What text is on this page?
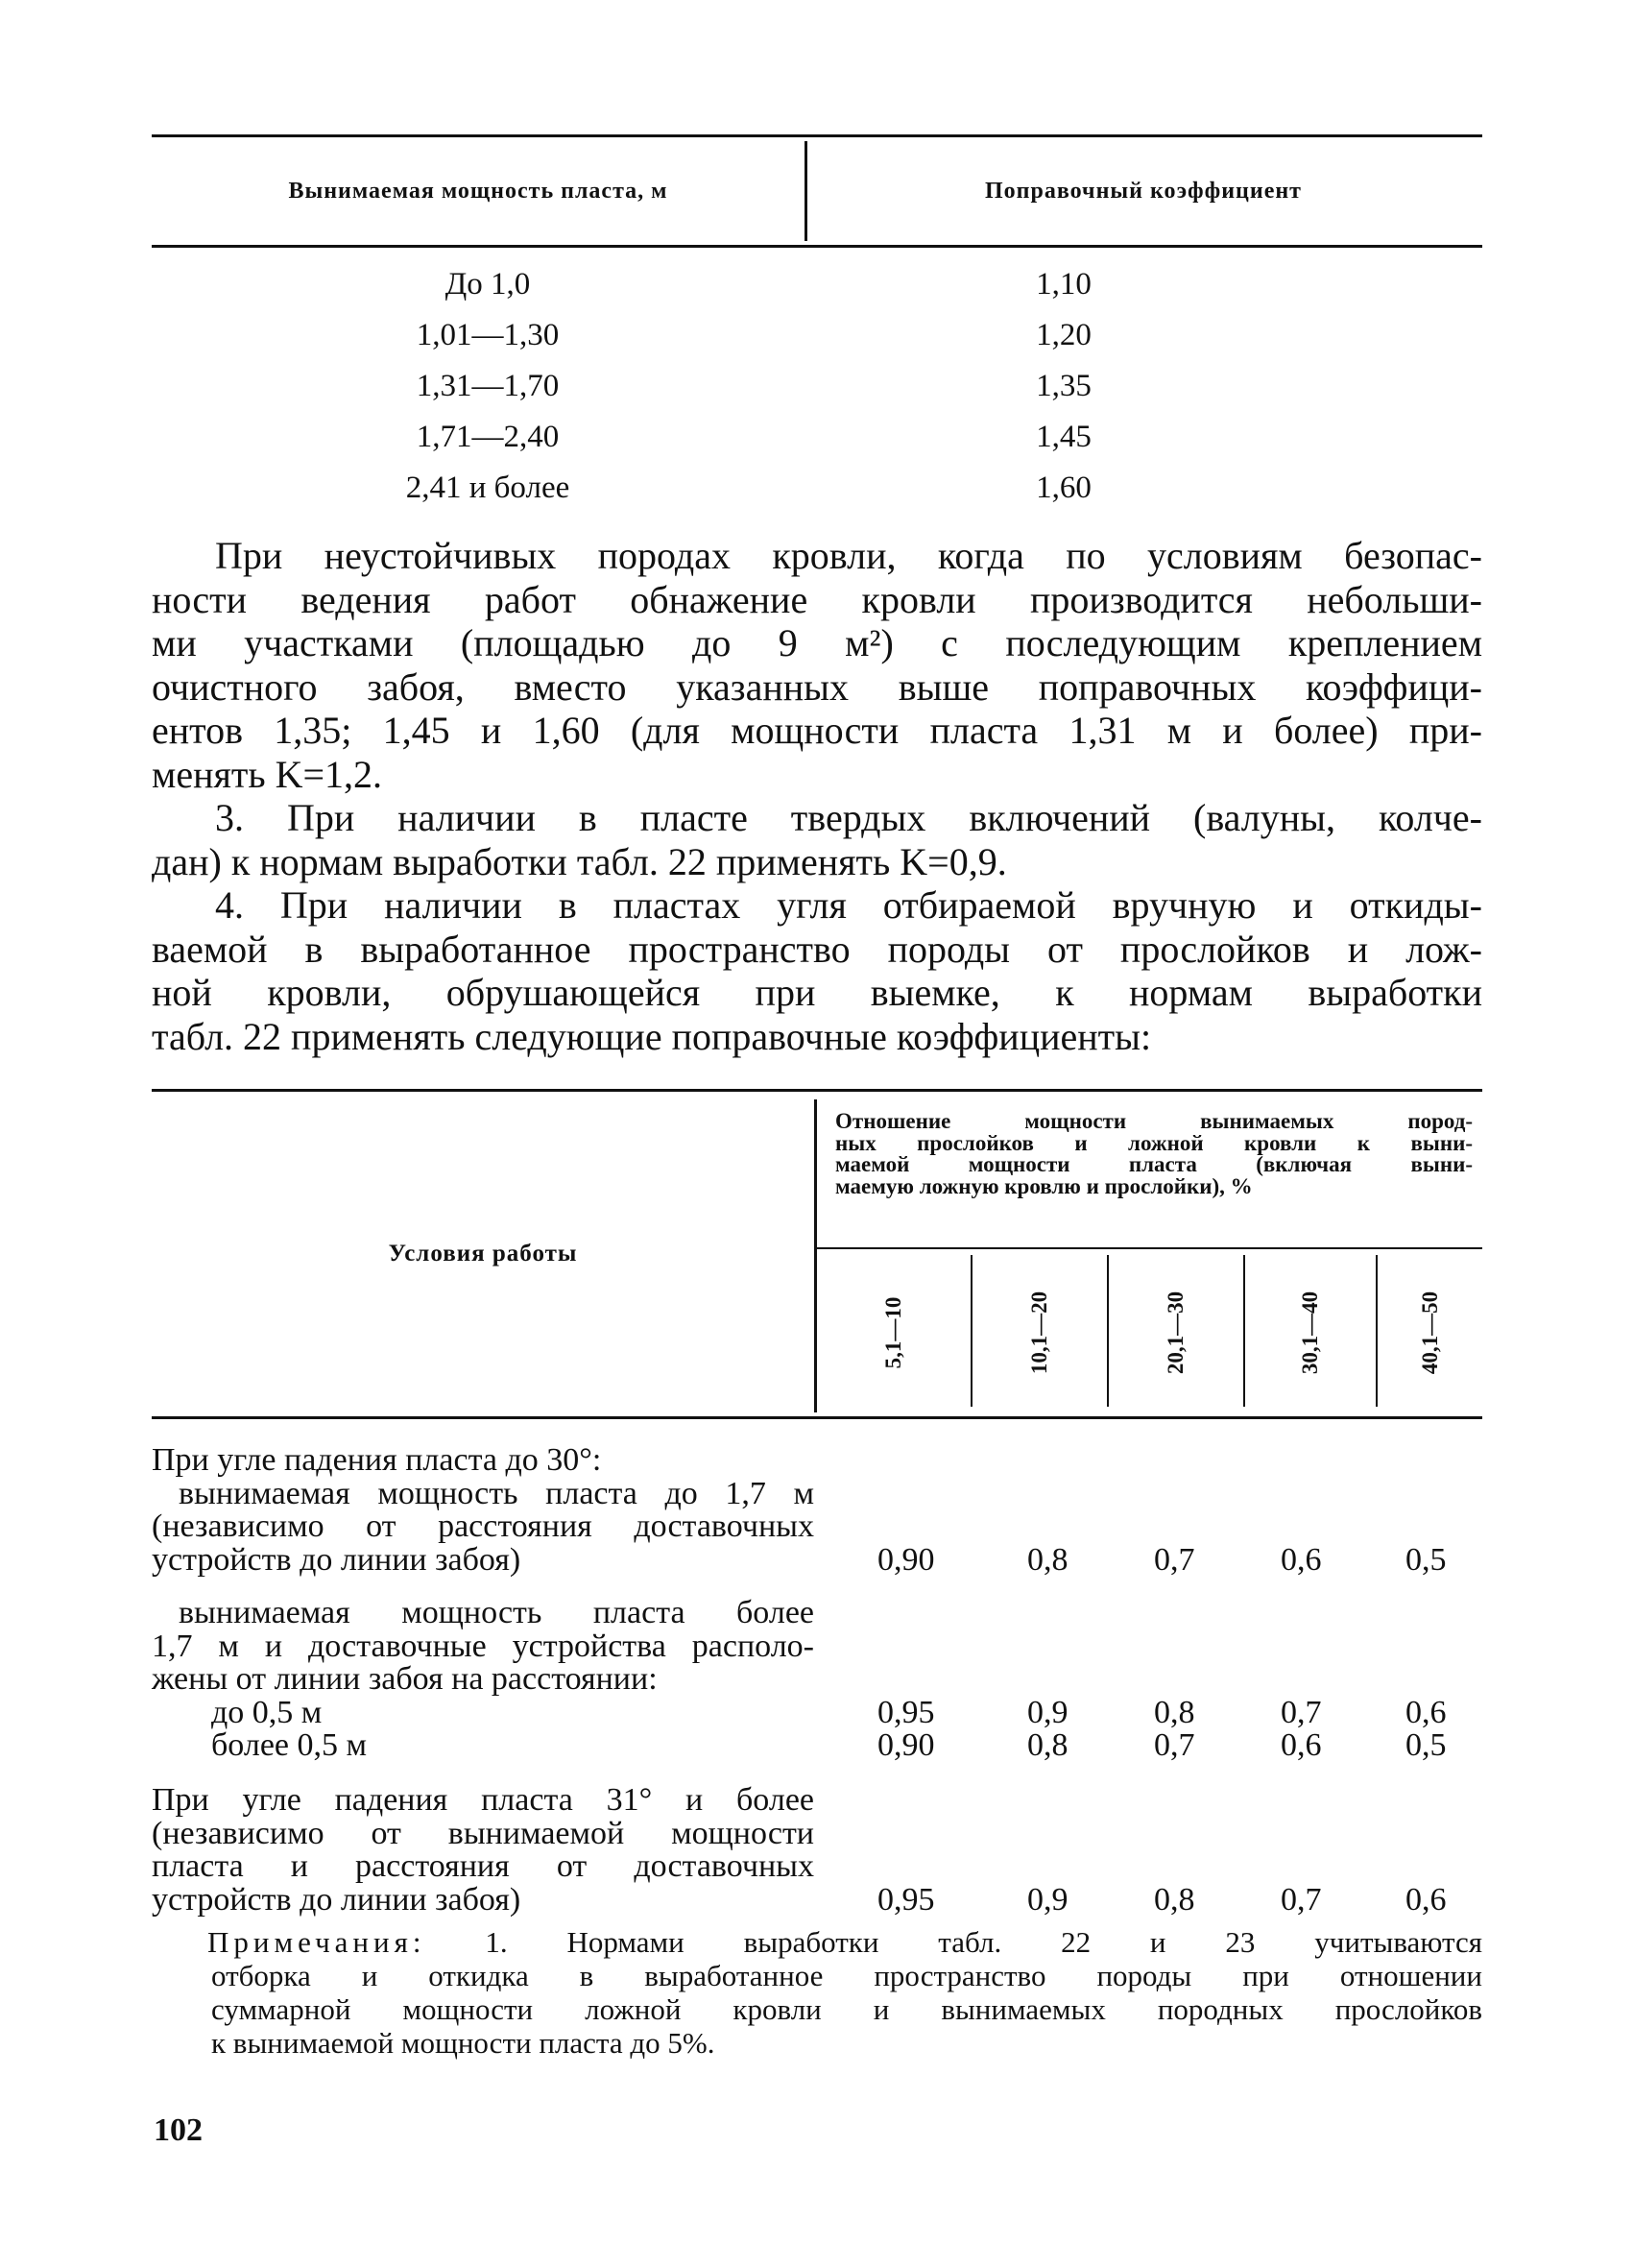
Вынимаемая мощность пласта, м	Поправочный коэффициент
До 1,0	1,10
1,01—1,30	1,20
1,31—1,70	1,35
1,71—2,40	1,45
2,41 и более	1,60
При неустойчивых породах кровли, когда по условиям безопас-
ности ведения работ обнажение кровли производится небольши-
ми участками (площадью до 9 м²) с последующим креплением
очистного забоя, вместо указанных выше поправочных коэффици-
ентов 1,35; 1,45 и 1,60 (для мощности пласта 1,31 м и более) при-
менять K=1,2.
3. При наличии в пласте твердых включений (валуны, колче-
дан) к нормам выработки табл. 22 применять K=0,9.
4. При наличии в пластах угля отбираемой вручную и откиды-
ваемой в выработанное пространство породы от прослойков и лож-
ной кровли, обрушающейся при выемке, к нормам выработки
табл. 22 применять следующие поправочные коэффициенты:
Условия работы
Отношение мощности вынимаемых пород-
ных прослойков и ложной кровли к выни-
маемой мощности пласта (включая выни-
маемую ложную кровлю и прослойки), %
5,1—10	10,1—20	20,1—30	30,1—40	40,1—50
При угле падения пласта до 30°:
вынимаемая мощность пласта до 1,7 м
(независимо от расстояния доставочных
устройств до линии забоя)	0,90	0,8	0,7	0,6	0,5
вынимаемая мощность пласта более
1,7 м и доставочные устройства располо-
жены от линии забоя на расстоянии:
до 0,5 м	0,95	0,9	0,8	0,7	0,6
более 0,5 м	0,90	0,8	0,7	0,6	0,5
При угле падения пласта 31° и более
(независимо от вынимаемой мощности
пласта и расстояния от доставочных
устройств до линии забоя)	0,95	0,9	0,8	0,7	0,6
Примечания: 1. Нормами выработки табл. 22 и 23 учитываются
отборка и откидка в выработанное пространство породы при отношении
суммарной мощности ложной кровли и вынимаемых породных прослойков
к вынимаемой мощности пласта до 5%.
102
